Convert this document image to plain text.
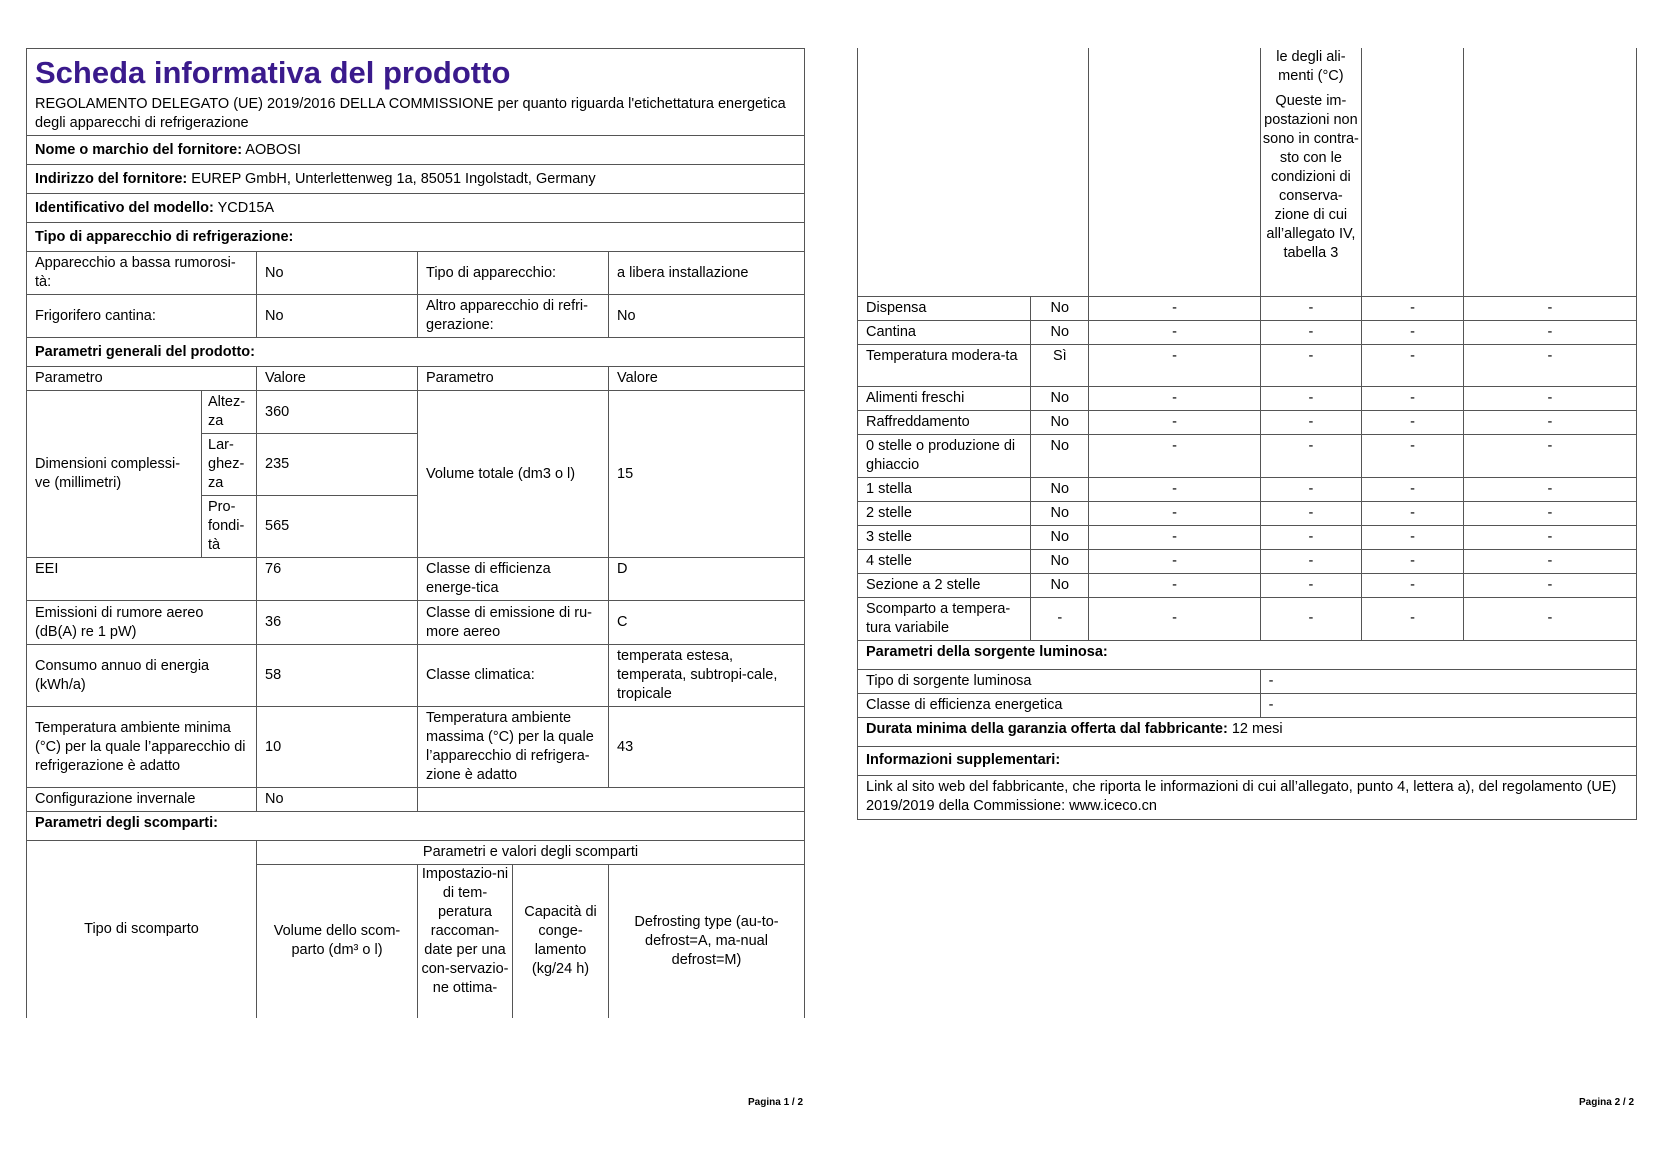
Scheda informativa del prodotto					
REGOLAMENTO DELEGATO (UE) 2019/2016 DELLA COMMISSIONE per quanto riguarda l'etichettatura energetica degli apparecchi di refrigerazione					
Nome o marchio del fornitore: AOBOSI					
Indirizzo del fornitore: EUREP GmbH, Unterlettenweg 1a, 85051 Ingolstadt, Germany					
Identificativo del modello: YCD15A					
Tipo di apparecchio di refrigerazione:					
Apparecchio a bassa rumorosi-tà:		No	Tipo di apparecchio:		a libera installazione
Frigorifero cantina:		No	Altro apparecchio di refri-gerazione:		No
Parametri generali del prodotto:					
Parametro		Valore	Parametro		Valore
Dimensioni complessi-ve (millimetri)	Altez-za	360	Volume totale (dm3 o l)		15
	Lar-ghez-za	235			
	Pro-fondi-tà	565			
EEI		76	Classe di efficienza energe-tica		D
Emissioni di rumore aereo (dB(A) re 1 pW)		36	Classe di emissione di ru-more aereo		C
Consumo annuo di energia (kWh/a)		58	Classe climatica:		temperata estesa, temperata, subtropi-cale, tropicale
Temperatura ambiente minima (°C) per la quale l’apparecchio di refrigerazione è adatto		10	Temperatura ambiente massima (°C) per la quale l’apparecchio di refrigera-zione è adatto		43
Configurazione invernale		No			
Parametri degli scomparti:					
Tipo di scomparto		Parametri e valori degli scomparti			
		Volume dello scom-parto (dm³ o l)	Impostazio-ni di tem-peratura raccoman-date per una con-servazio-ne ottima-	Capacità di conge-lamento (kg/24 h)	Defrosting type (au-to-defrost=A, ma-nual defrost=M)
Pagina 1 / 2

			le degli ali-menti (°C)
Queste im-postazioni non sono in contra-sto con le condizioni di conserva-zione di cui all’allegato IV, tabella 3		

Dispensa	No	-	-	-	-
Cantina	No	-	-	-	-
Temperatura modera-ta	Sì	-	-	-	-
Alimenti freschi	No	-	-	-	-
Raffreddamento	No	-	-	-	-
0 stelle o produzione di ghiaccio	No	-	-	-	-
1 stella	No	-	-	-	-
2 stelle	No	-	-	-	-
3 stelle	No	-	-	-	-
4 stelle	No	-	-	-	-
Sezione a 2 stelle	No	-	-	-	-
Scomparto a tempera-tura variabile	-	-	-	-	-
Parametri della sorgente luminosa:					
Tipo di sorgente luminosa			-		
Classe di efficienza energetica			-		
Durata minima della garanzia offerta dal fabbricante: 12 mesi					
Informazioni supplementari:					
Link al sito web del fabbricante, che riporta le informazioni di cui all’allegato, punto 4, lettera a), del regolamento (UE) 2019/2019 della Commissione: www.iceco.cn					
Pagina 2 / 2
